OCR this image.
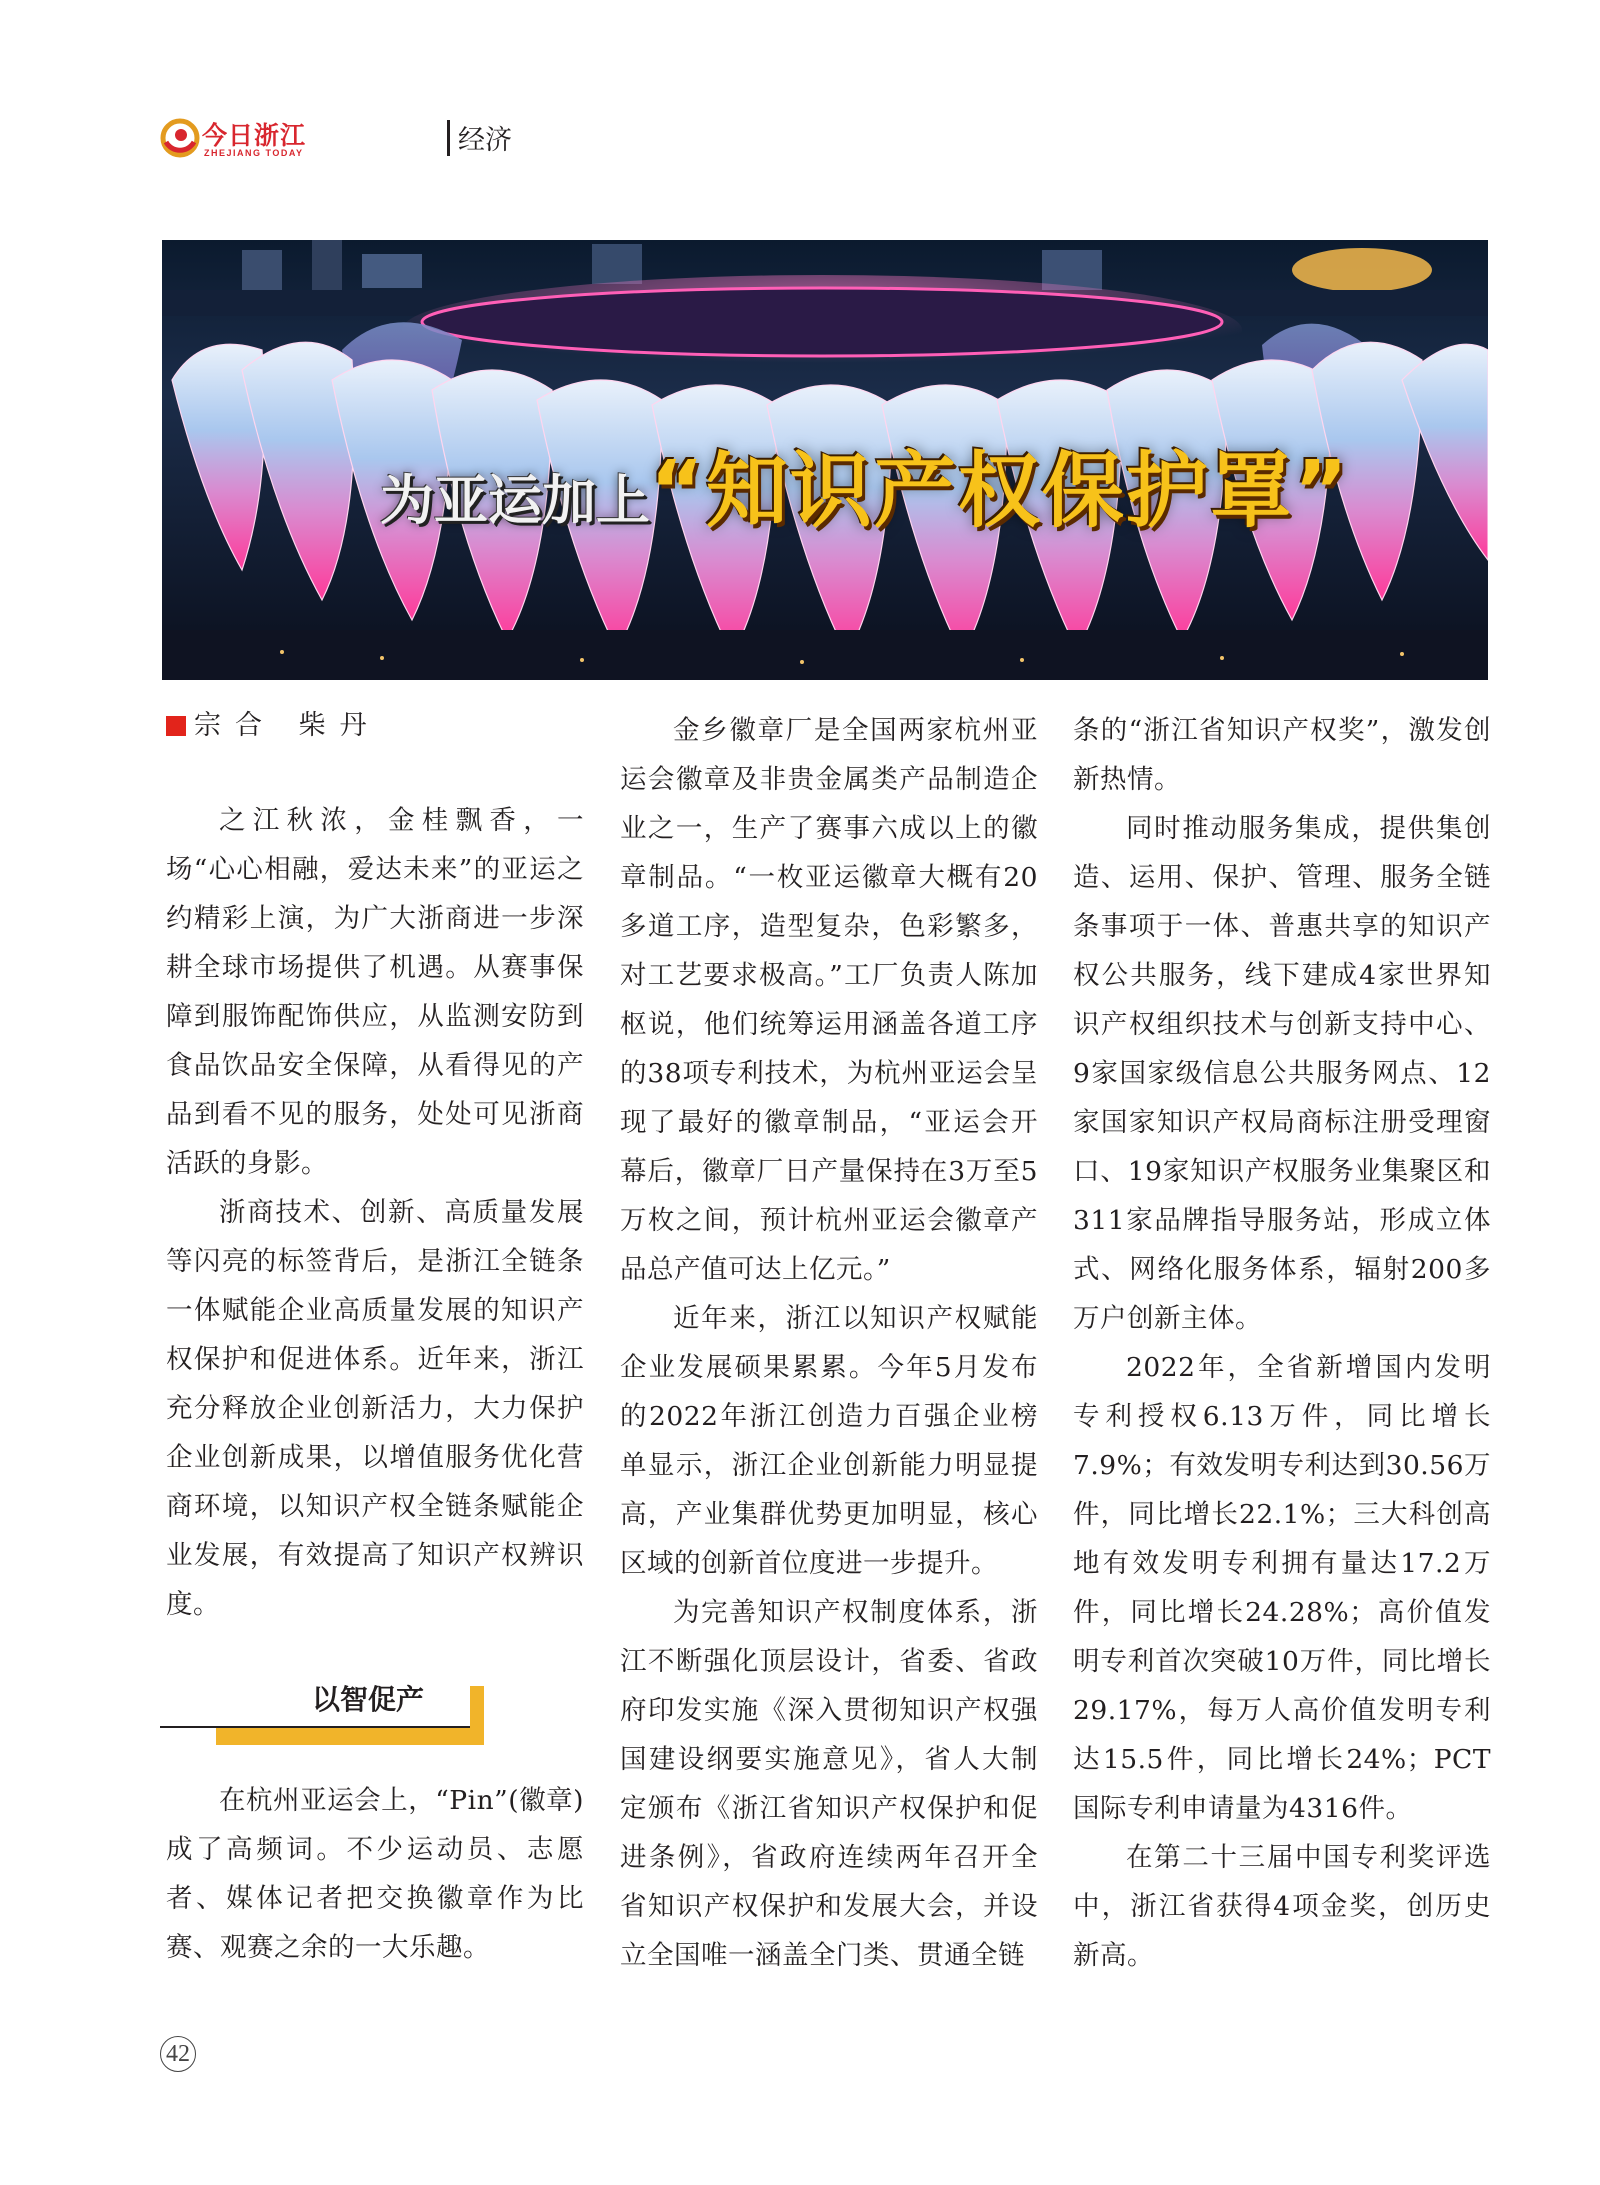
今日浙江
ZHEJIANG TODAY	经济
为亚运加上“知识产权保护罩”
宗合 柴丹

之江秋浓，金桂飘香，一场“心心相融，爱达未来”的亚运之约精彩上演，为广大浙商进一步深耕全球市场提供了机遇。从赛事保障到服饰配饰供应，从监测安防到食品饮品安全保障，从看得见的产品到看不见的服务，处处可见浙商活跃的身影。

浙商技术、创新、高质量发展等闪亮的标签背后，是浙江全链条一体赋能企业高质量发展的知识产权保护和促进体系。近年来，浙江充分释放企业创新活力，大力保护企业创新成果，以增值服务优化营商环境，以知识产权全链条赋能企业发展，有效提高了知识产权辨识度。

以智促产

在杭州亚运会上，“Pin”(徽章)成了高频词。不少运动员、志愿者、媒体记者把交换徽章作为比赛、观赛之余的一大乐趣。

金乡徽章厂是全国两家杭州亚运会徽章及非贵金属类产品制造企业之一，生产了赛事六成以上的徽章制品。“一枚亚运徽章大概有20多道工序，造型复杂，色彩繁多，对工艺要求极高。”工厂负责人陈加枢说，他们统筹运用涵盖各道工序的38项专利技术，为杭州亚运会呈现了最好的徽章制品，“亚运会开幕后，徽章厂日产量保持在3万至5万枚之间，预计杭州亚运会徽章产品总产值可达上亿元。”

近年来，浙江以知识产权赋能企业发展硕果累累。今年5月发布的2022年浙江创造力百强企业榜单显示，浙江企业创新能力明显提高，产业集群优势更加明显，核心区域的创新首位度进一步提升。

为完善知识产权制度体系，浙江不断强化顶层设计，省委、省政府印发实施《深入贯彻知识产权强国建设纲要实施意见》，省人大制定颁布《浙江省知识产权保护和促进条例》，省政府连续两年召开全省知识产权保护和发展大会，并设立全国唯一涵盖全门类、贯通全链

条的“浙江省知识产权奖”，激发创新热情。

同时推动服务集成，提供集创造、运用、保护、管理、服务全链条事项于一体、普惠共享的知识产权公共服务，线下建成4家世界知识产权组织技术与创新支持中心、9家国家级信息公共服务网点、12家国家知识产权局商标注册受理窗口、19家知识产权服务业集聚区和311家品牌指导服务站，形成立体式、网络化服务体系，辐射200多万户创新主体。

2022年，全省新增国内发明专利授权6.13万件，同比增长7.9%；有效发明专利达到30.56万件，同比增长22.1%；三大科创高地有效发明专利拥有量达17.2万件，同比增长24.28%；高价值发明专利首次突破10万件，同比增长29.17%，每万人高价值发明专利达15.5件，同比增长24%；PCT国际专利申请量为4316件。

在第二十三届中国专利奖评选中，浙江省获得4项金奖，创历史新高。

42
